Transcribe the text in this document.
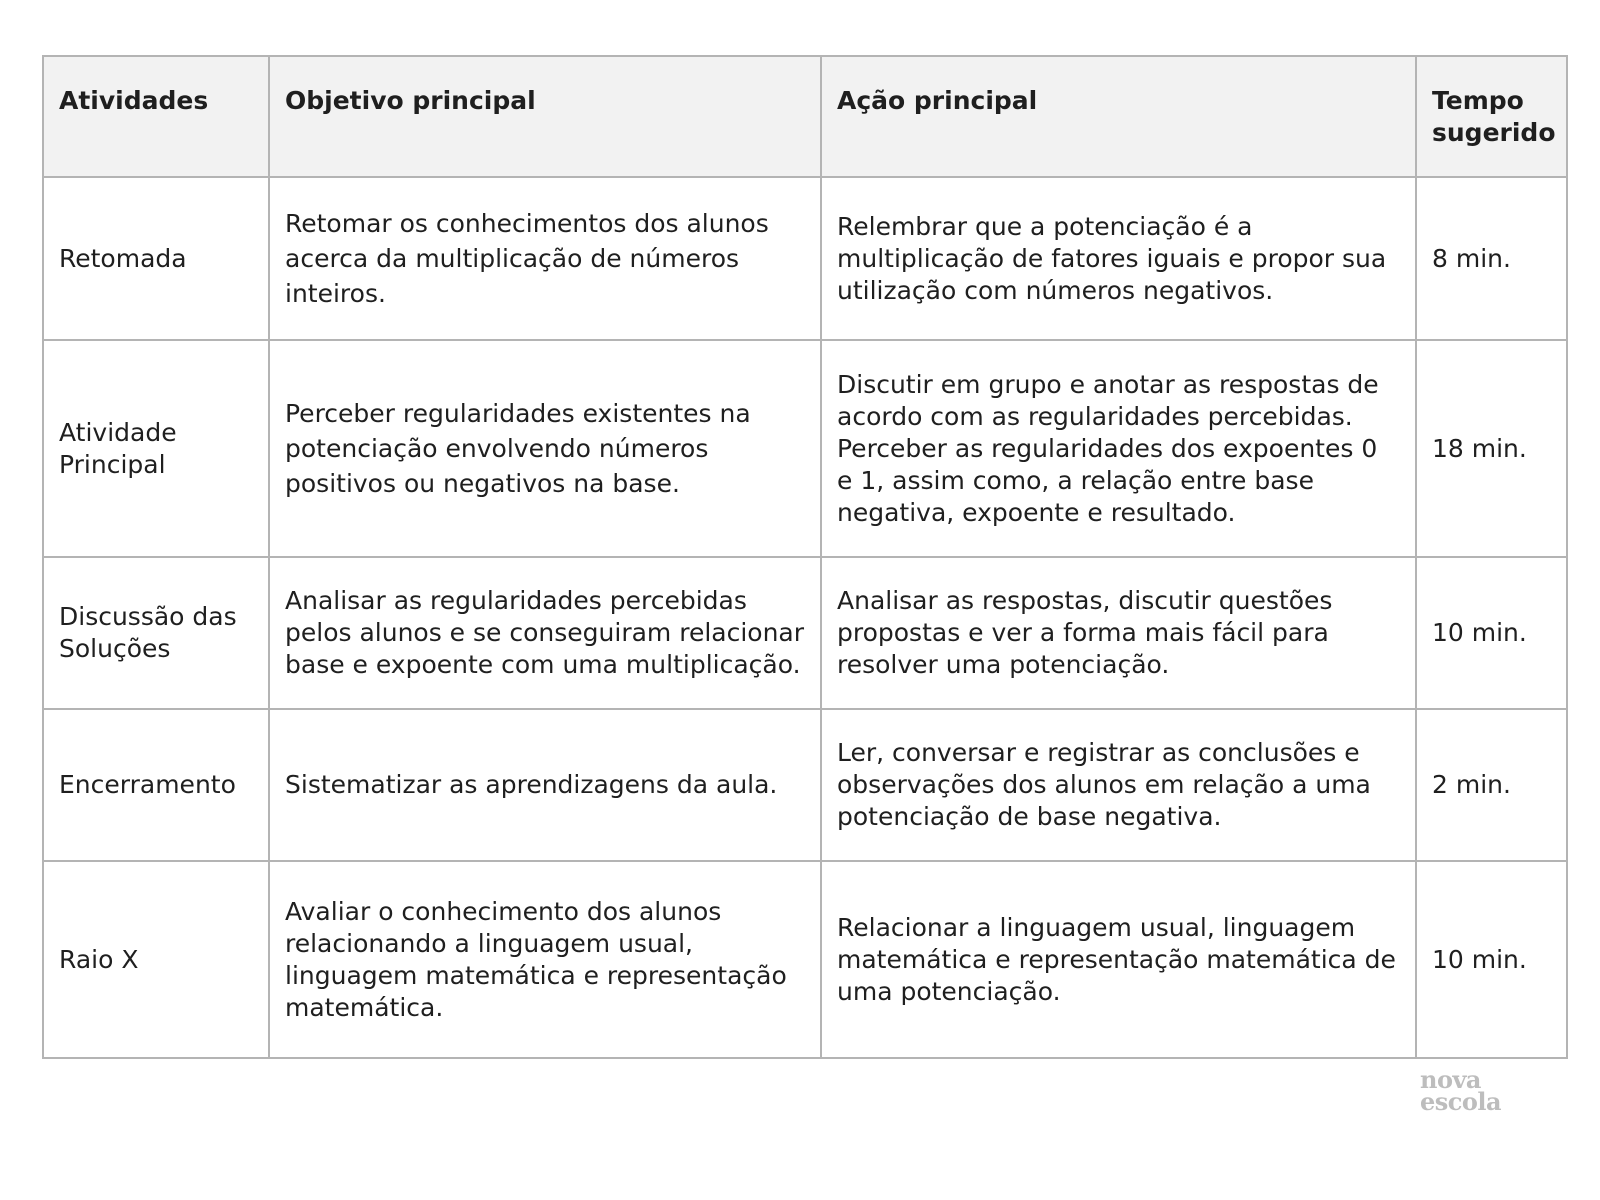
Atividades	Objetivo principal	Ação principal	Tempo sugerido
Retomada	Retomar os conhecimentos dos alunos acerca da multiplicação de números inteiros.	Relembrar que a potenciação é a multiplicação de fatores iguais e propor sua utilização com números negativos.	8 min.
Atividade Principal	Perceber regularidades existentes na potenciação envolvendo números positivos ou negativos na base.	Discutir em grupo e anotar as respostas de acordo com as regularidades percebidas. Perceber as regularidades dos expoentes 0 e 1, assim como, a relação entre base negativa, expoente e resultado.	18 min.
Discussão das Soluções	Analisar as regularidades percebidas pelos alunos e se conseguiram relacionar base e expoente com uma multiplicação.	Analisar as respostas, discutir questões propostas e ver a forma mais fácil para resolver uma potenciação.	10 min.
Encerramento	Sistematizar as aprendizagens da aula.	Ler, conversar e registrar as conclusões e observações dos alunos em relação a uma potenciação de base negativa.	2 min.
Raio X	Avaliar o conhecimento dos alunos relacionando a linguagem usual, linguagem matemática e representação matemática.	Relacionar a linguagem usual, linguagem matemática e representação matemática de uma potenciação.	10 min.
nova
escola
